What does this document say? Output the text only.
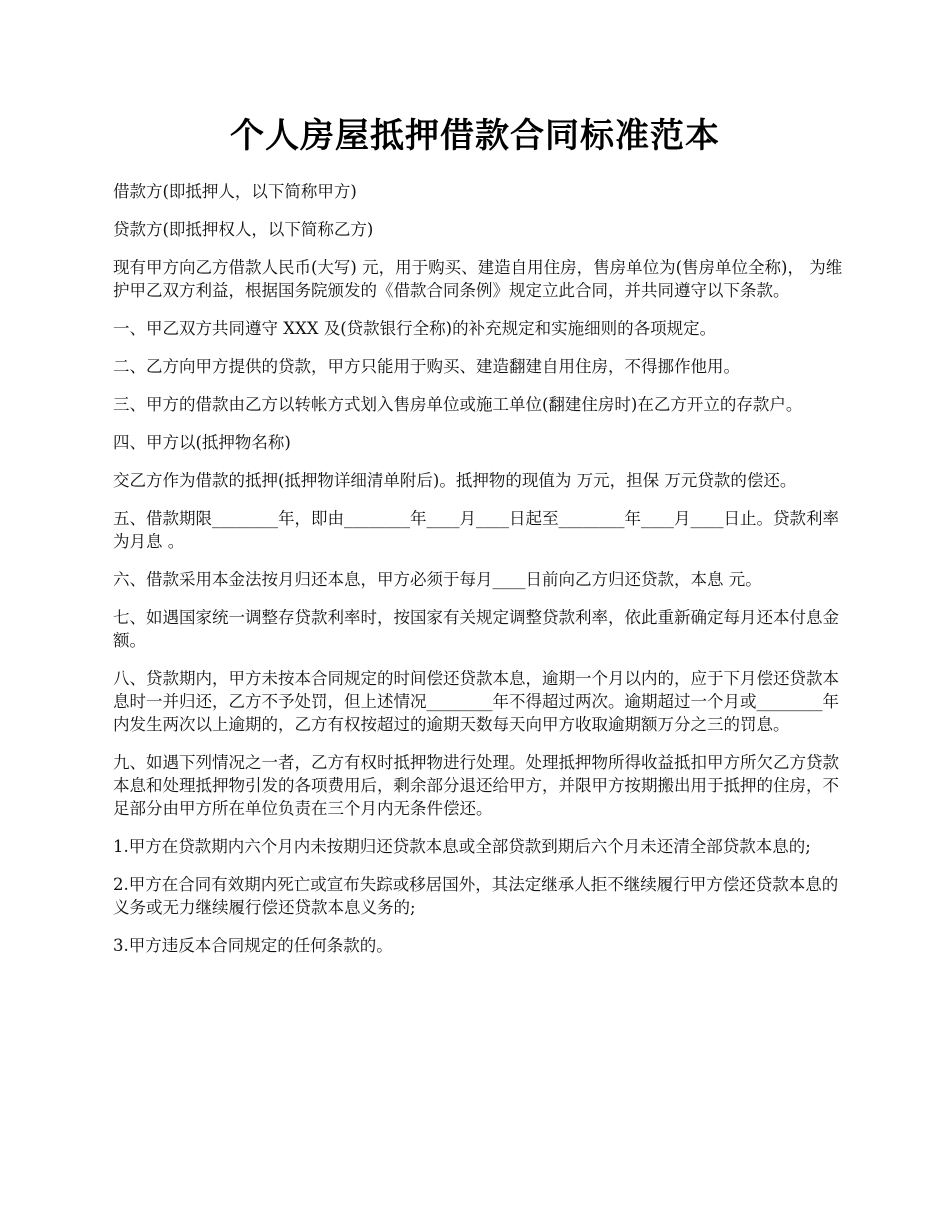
个人房屋抵押借款合同标准范本

借款方(即抵押人，以下简称甲方)

贷款方(即抵押权人，以下简称乙方)

现有甲方向乙方借款人民币(大写) 元，用于购买、建造自用住房，售房单位为(售房单位全称)， 为维护甲乙双方利益，根据国务院颁发的《借款合同条例》规定立此合同，并共同遵守以下条款。

一、甲乙双方共同遵守 XXX 及(贷款银行全称)的补充规定和实施细则的各项规定。

二、乙方向甲方提供的贷款，甲方只能用于购买、建造翻建自用住房，不得挪作他用。

三、甲方的借款由乙方以转帐方式划入售房单位或施工单位(翻建住房时)在乙方开立的存款户。

四、甲方以(抵押物名称)

交乙方作为借款的抵押(抵押物详细清单附后)。抵押物的现值为 万元，担保 万元贷款的偿还。

五、借款期限________年，即由________年____月____日起至________年____月____日止。贷款利率为月息 。

六、借款采用本金法按月归还本息，甲方必须于每月____日前向乙方归还贷款，本息 元。

七、如遇国家统一调整存贷款利率时，按国家有关规定调整贷款利率，依此重新确定每月还本付息金额。

八、贷款期内，甲方未按本合同规定的时间偿还贷款本息，逾期一个月以内的，应于下月偿还贷款本息时一并归还，乙方不予处罚，但上述情况________年不得超过两次。逾期超过一个月或________年内发生两次以上逾期的，乙方有权按超过的逾期天数每天向甲方收取逾期额万分之三的罚息。

九、如遇下列情况之一者，乙方有权时抵押物进行处理。处理抵押物所得收益抵扣甲方所欠乙方贷款本息和处理抵押物引发的各项费用后，剩余部分退还给甲方，并限甲方按期搬出用于抵押的住房，不足部分由甲方所在单位负责在三个月内无条件偿还。

1.甲方在贷款期内六个月内未按期归还贷款本息或全部贷款到期后六个月未还清全部贷款本息的;

2.甲方在合同有效期内死亡或宣布失踪或移居国外，其法定继承人拒不继续履行甲方偿还贷款本息的义务或无力继续履行偿还贷款本息义务的;

3.甲方违反本合同规定的任何条款的。
